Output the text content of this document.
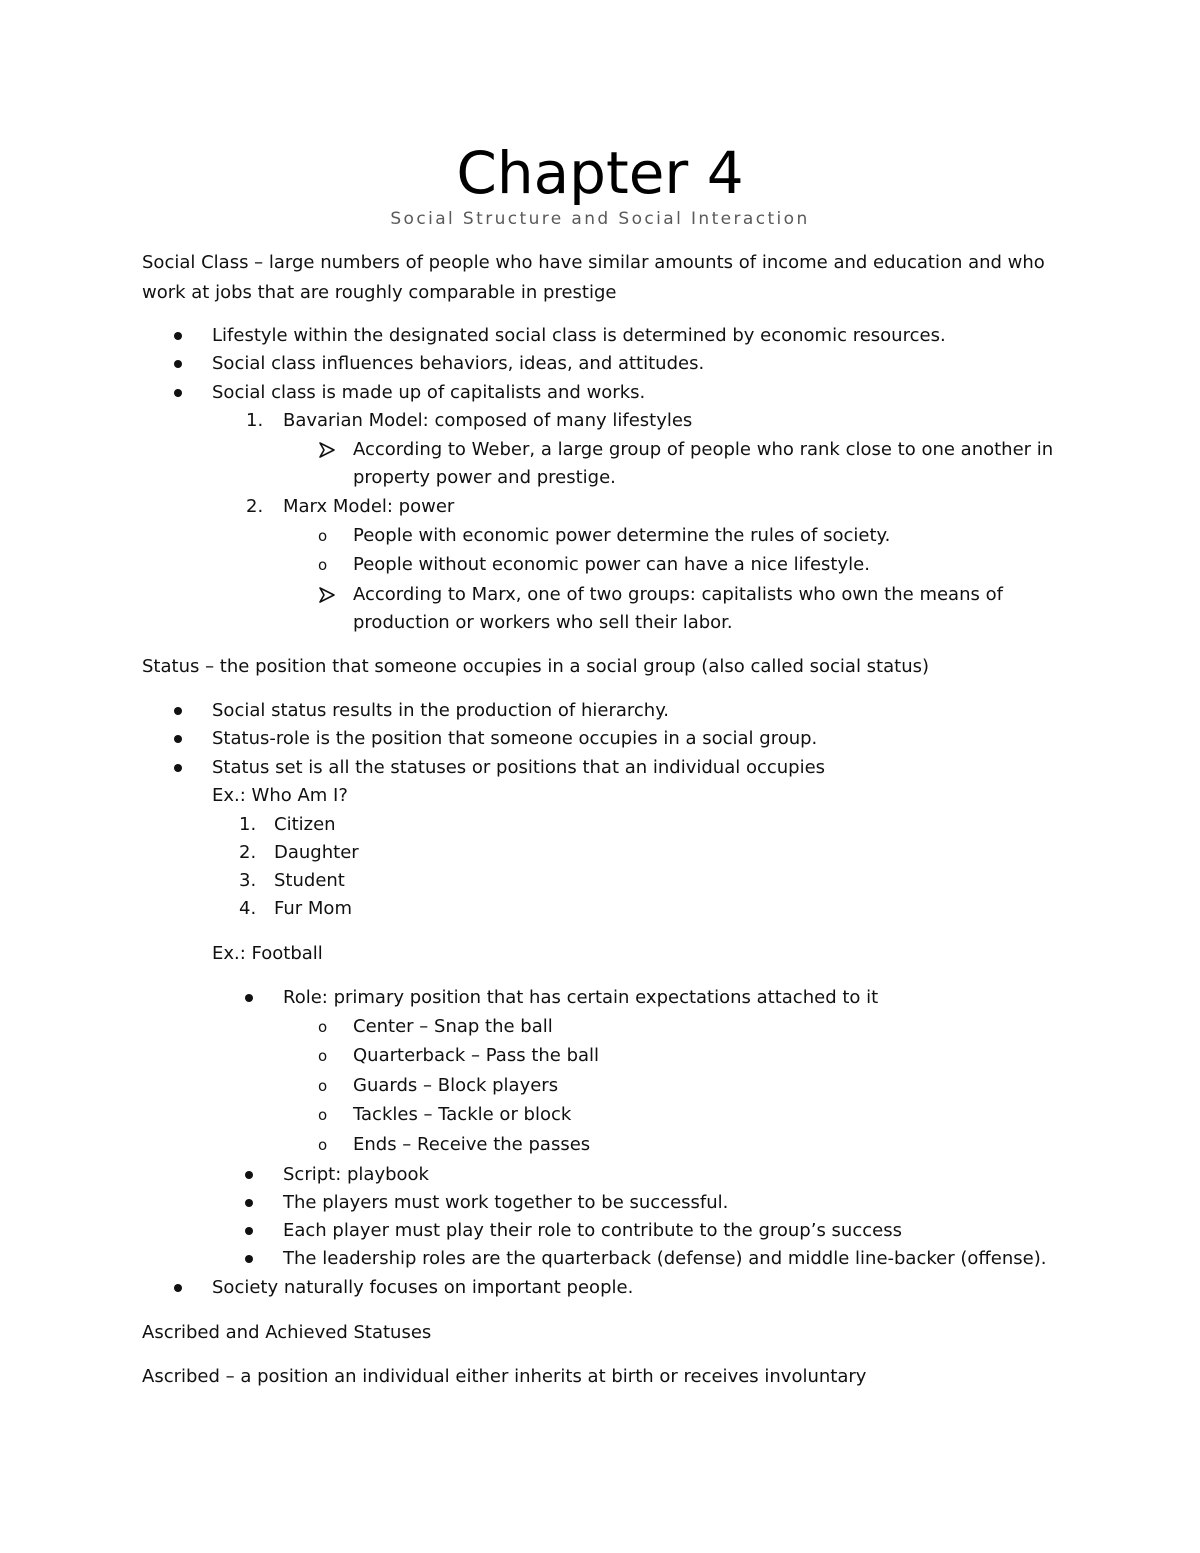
Chapter 4
Social Structure and Social Interaction
Social Class – large numbers of people who have similar amounts of income and education and who
work at jobs that are roughly comparable in prestige
Lifestyle within the designated social class is determined by economic resources.
Social class influences behaviors, ideas, and attitudes.
Social class is made up of capitalists and works.
1. Bavarian Model: composed of many lifestyles
According to Weber, a large group of people who rank close to one another in
property power and prestige.
2. Marx Model: power
o People with economic power determine the rules of society.
o People without economic power can have a nice lifestyle.
According to Marx, one of two groups: capitalists who own the means of
production or workers who sell their labor.
Status – the position that someone occupies in a social group (also called social status)
Social status results in the production of hierarchy.
Status-role is the position that someone occupies in a social group.
Status set is all the statuses or positions that an individual occupies
Ex.: Who Am I?
1. Citizen
2. Daughter
3. Student
4. Fur Mom
Ex.: Football
Role: primary position that has certain expectations attached to it
o Center – Snap the ball
o Quarterback – Pass the ball
o Guards – Block players
o Tackles – Tackle or block
o Ends – Receive the passes
Script: playbook
The players must work together to be successful.
Each player must play their role to contribute to the group’s success
The leadership roles are the quarterback (defense) and middle line-backer (offense).
Society naturally focuses on important people.
Ascribed and Achieved Statuses
Ascribed – a position an individual either inherits at birth or receives involuntary
